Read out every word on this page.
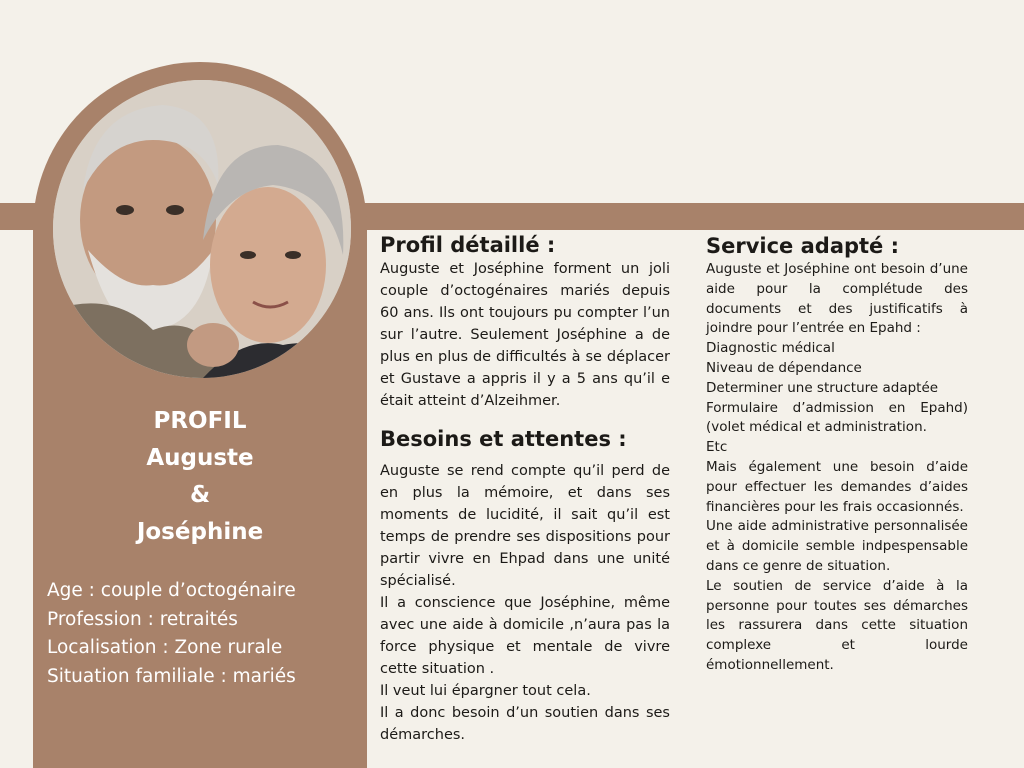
PROFIL
Auguste
&
Joséphine
Age : couple d’octogénaire
Profession : retraités
Localisation : Zone rurale
Situation familiale : mariés
Profil détaillé :

Auguste et Joséphine forment un joli couple d’octogénaires mariés depuis 60 ans. Ils ont toujours pu compter l’un sur l’autre. Seulement Joséphine a de plus en plus de difficultés à se déplacer et Gustave a appris il y a 5 ans qu’il e était atteint d’Alzeihmer.

Besoins et attentes :

Auguste se rend compte qu’il perd de en plus la mémoire, et dans ses moments de lucidité, il sait qu’il est temps de prendre ses dispositions pour partir vivre en Ehpad dans une unité spécialisé.

Il a conscience que Joséphine, même avec une aide à domicile ,n’aura pas la force physique et mentale de vivre cette situation .

Il veut lui épargner tout cela.

Il a donc besoin d’un soutien dans ses démarches.

Service adapté :
Auguste et Joséphine ont besoin d’une aide pour la complétude des documents et des justificatifs à joindre pour l’entrée en Epahd :
Diagnostic médical
Niveau de dépendance
Determiner une structure adaptée
Formulaire d’admission en Epahd) (volet médical et administration.
Etc
Mais également une besoin d’aide pour effectuer les demandes d’aides financières pour les frais occasionnés.
Une aide administrative personnalisée et à domicile semble indpespensable dans ce genre de situation.
Le soutien de service d’aide à la personne pour toutes ses démarches les rassurera dans cette situation complexe et lourde émotionnellement.
